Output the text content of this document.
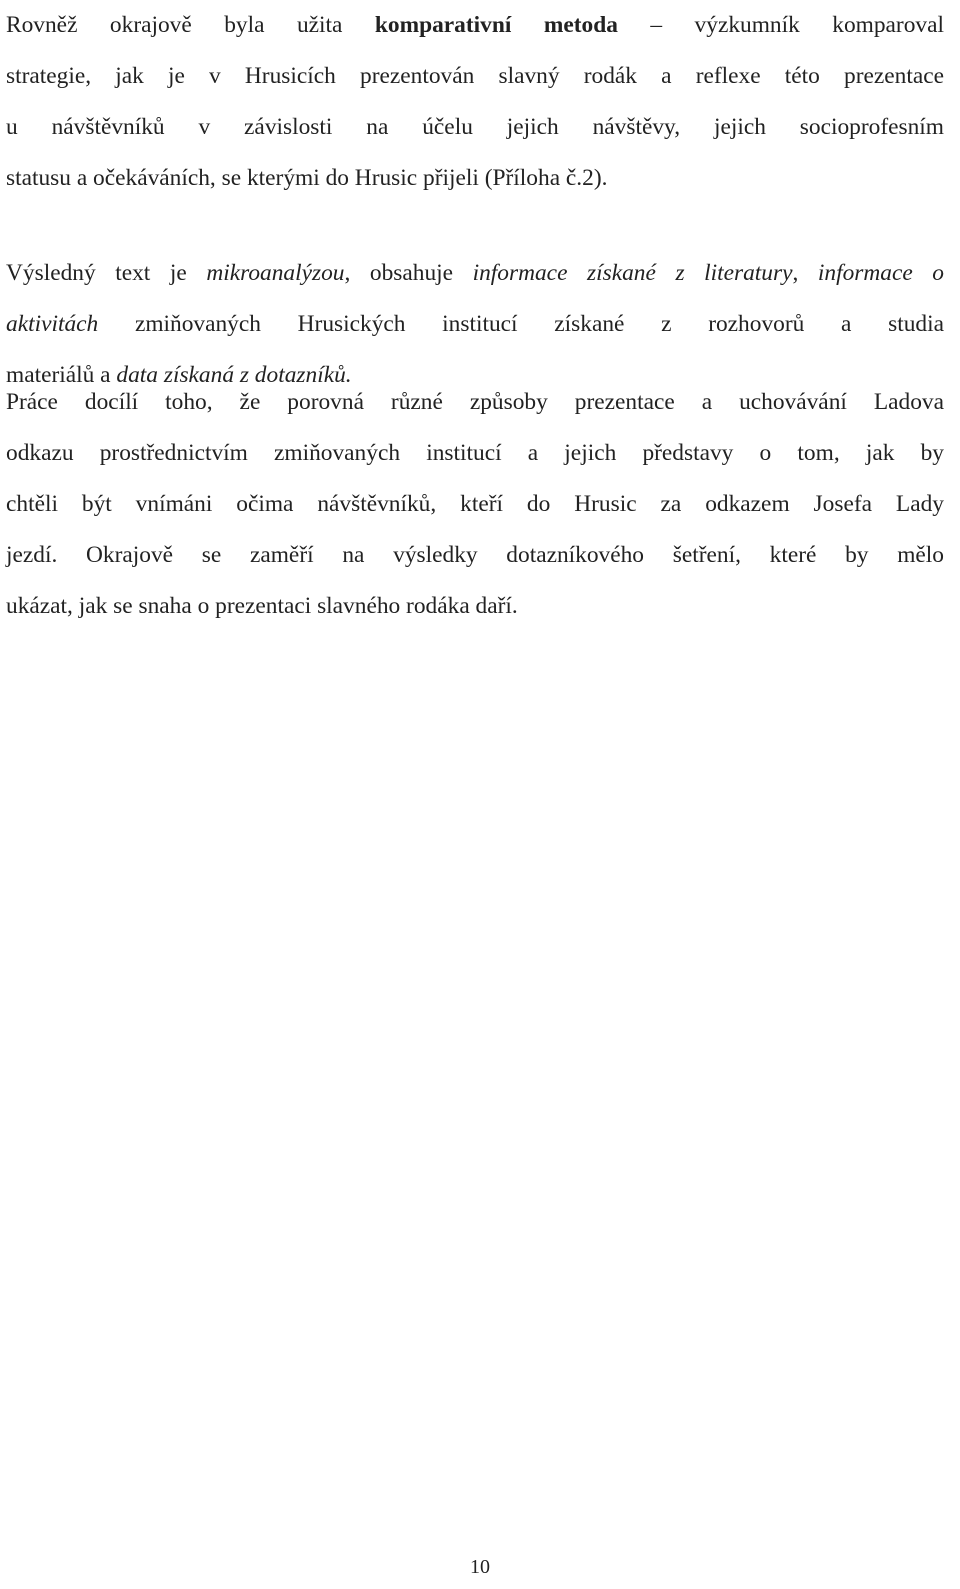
Rovněž okrajově byla užita komparativní metoda – výzkumník komparoval
strategie, jak je v Hrusicích prezentován slavný rodák a reflexe této prezentace
u návštěvníků v závislosti na účelu jejich návštěvy, jejich socioprofesním
statusu a očekáváních, se kterými do Hrusic přijeli (Příloha č.2).
Výsledný text je mikroanalýzou, obsahuje informace získané z literatury, informace o
aktivitách zmiňovaných Hrusických institucí získané z rozhovorů a studia
materiálů a data získaná z dotazníků.
Práce docílí toho, že porovná různé způsoby prezentace a uchovávání Ladova
odkazu prostřednictvím zmiňovaných institucí a jejich představy o tom, jak by
chtěli být vnímáni očima návštěvníků, kteří do Hrusic za odkazem Josefa Lady
jezdí. Okrajově se zaměří na výsledky dotazníkového šetření, které by mělo
ukázat, jak se snaha o prezentaci slavného rodáka daří.
10
